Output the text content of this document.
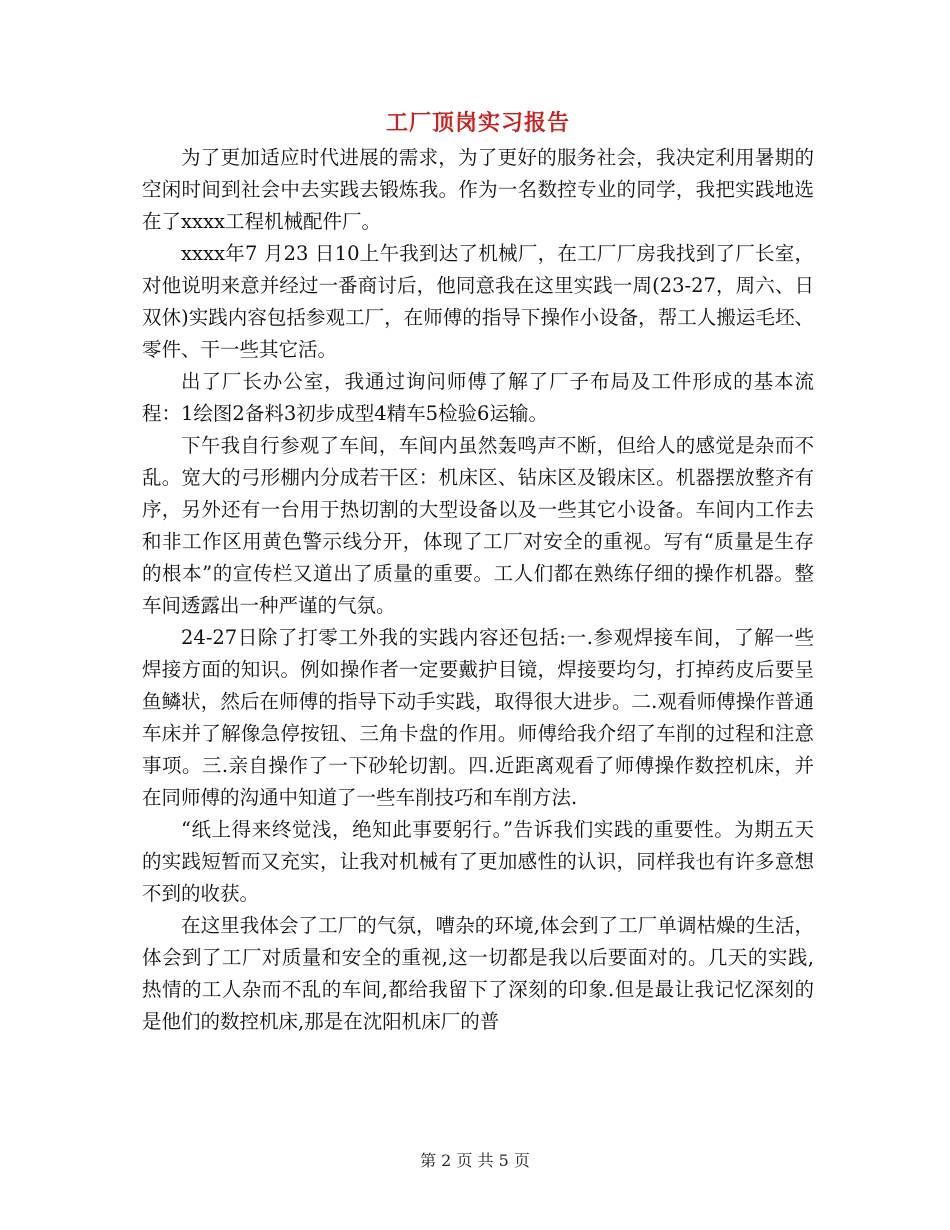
工厂顶岗实习报告

为了更加适应时代进展的需求，为了更好的服务社会，我决定利用暑期的空闲时间到社会中去实践去锻炼我。作为一名数控专业的同学，我把实践地选在了xxxx工程机械配件厂。

xxxx年7 月23 日10上午我到达了机械厂，在工厂厂房我找到了厂长室，对他说明来意并经过一番商讨后，他同意我在这里实践一周(23-27，周六、日双休)实践内容包括参观工厂，在师傅的指导下操作小设备，帮工人搬运毛坯、零件、干一些其它活。

出了厂长办公室，我通过询问师傅了解了厂子布局及工件形成的基本流程：1绘图2备料3初步成型4精车5检验6运输。

下午我自行参观了车间，车间内虽然轰鸣声不断，但给人的感觉是杂而不乱。宽大的弓形棚内分成若干区：机床区、钻床区及锻床区。机器摆放整齐有序，另外还有一台用于热切割的大型设备以及一些其它小设备。车间内工作去和非工作区用黄色警示线分开，体现了工厂对安全的重视。写有“质量是生存的根本”的宣传栏又道出了质量的重要。工人们都在熟练仔细的操作机器。整车间透露出一种严谨的气氛。

24-27日除了打零工外我的实践内容还包括:一.参观焊接车间，了解一些焊接方面的知识。例如操作者一定要戴护目镜，焊接要均匀，打掉药皮后要呈鱼鳞状，然后在师傅的指导下动手实践，取得很大进步。二.观看师傅操作普通车床并了解像急停按钮、三角卡盘的作用。师傅给我介绍了车削的过程和注意事项。三.亲自操作了一下砂轮切割。四.近距离观看了师傅操作数控机床，并在同师傅的沟通中知道了一些车削技巧和车削方法.

“纸上得来终觉浅，绝知此事要躬行。”告诉我们实践的重要性。为期五天的实践短暂而又充实，让我对机械有了更加感性的认识，同样我也有许多意想不到的收获。

在这里我体会了工厂的气氛，嘈杂的环境,体会到了工厂单调枯燥的生活，体会到了工厂对质量和安全的重视,这一切都是我以后要面对的。几天的实践,热情的工人杂而不乱的车间,都给我留下了深刻的印象.但是最让我记忆深刻的是他们的数控机床,那是在沈阳机床厂的普

第 2 页 共 5 页
